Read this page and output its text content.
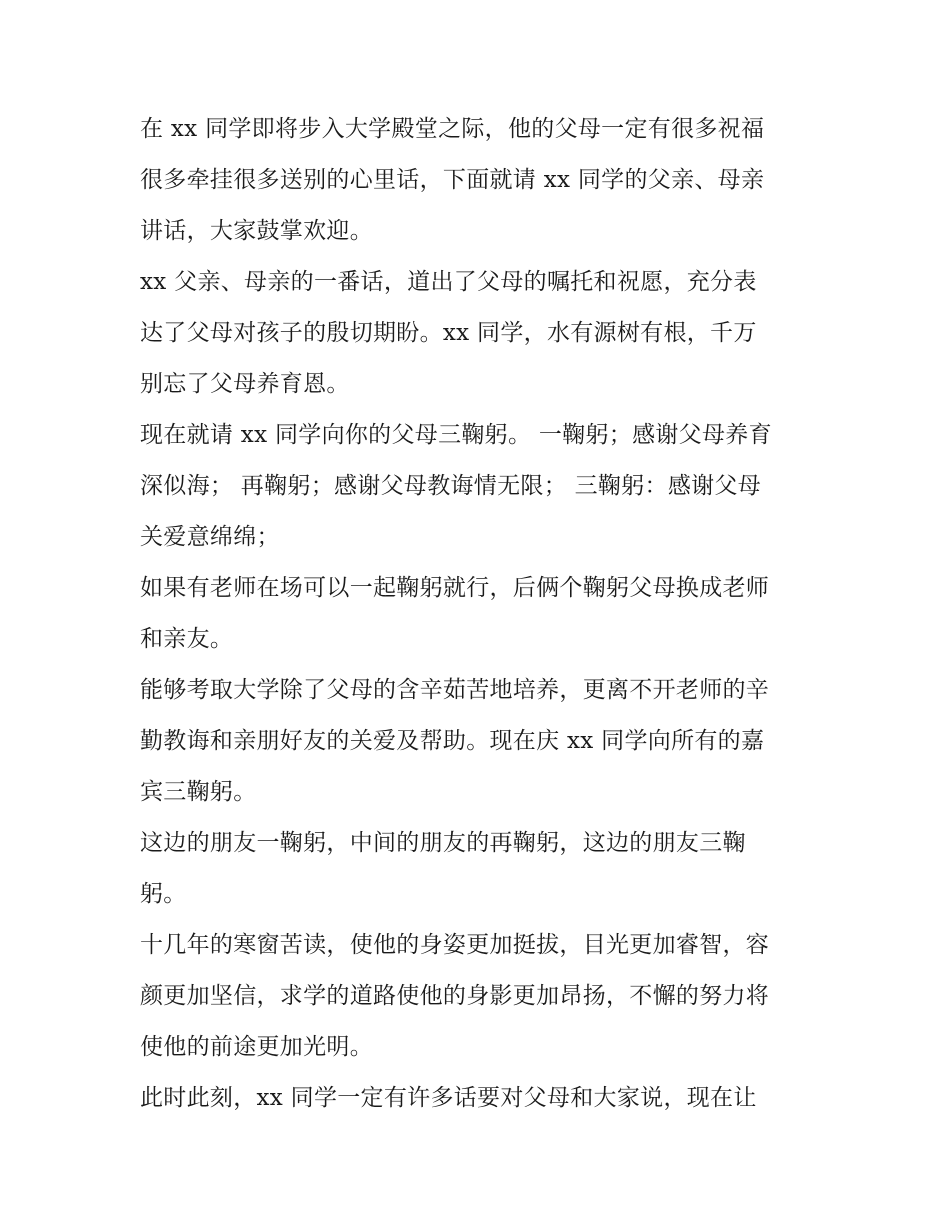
在 xx 同学即将步入大学殿堂之际，他的父母一定有很多祝福
很多牵挂很多送别的心里话，下面就请 xx 同学的父亲、母亲
讲话，大家鼓掌欢迎。
xx 父亲、母亲的一番话，道出了父母的嘱托和祝愿，充分表
达了父母对孩子的殷切期盼。xx 同学，水有源树有根，千万
别忘了父母养育恩。
现在就请 xx 同学向你的父母三鞠躬。 一鞠躬；感谢父母养育
深似海； 再鞠躬；感谢父母教诲情无限； 三鞠躬：感谢父母
关爱意绵绵；
如果有老师在场可以一起鞠躬就行，后俩个鞠躬父母换成老师
和亲友。
能够考取大学除了父母的含辛茹苦地培养，更离不开老师的辛
勤教诲和亲朋好友的关爱及帮助。现在庆 xx 同学向所有的嘉
宾三鞠躬。
这边的朋友一鞠躬，中间的朋友的再鞠躬，这边的朋友三鞠
躬。
十几年的寒窗苦读，使他的身姿更加挺拔，目光更加睿智，容
颜更加坚信，求学的道路使他的身影更加昂扬，不懈的努力将
使他的前途更加光明。
此时此刻，xx 同学一定有许多话要对父母和大家说，现在让
